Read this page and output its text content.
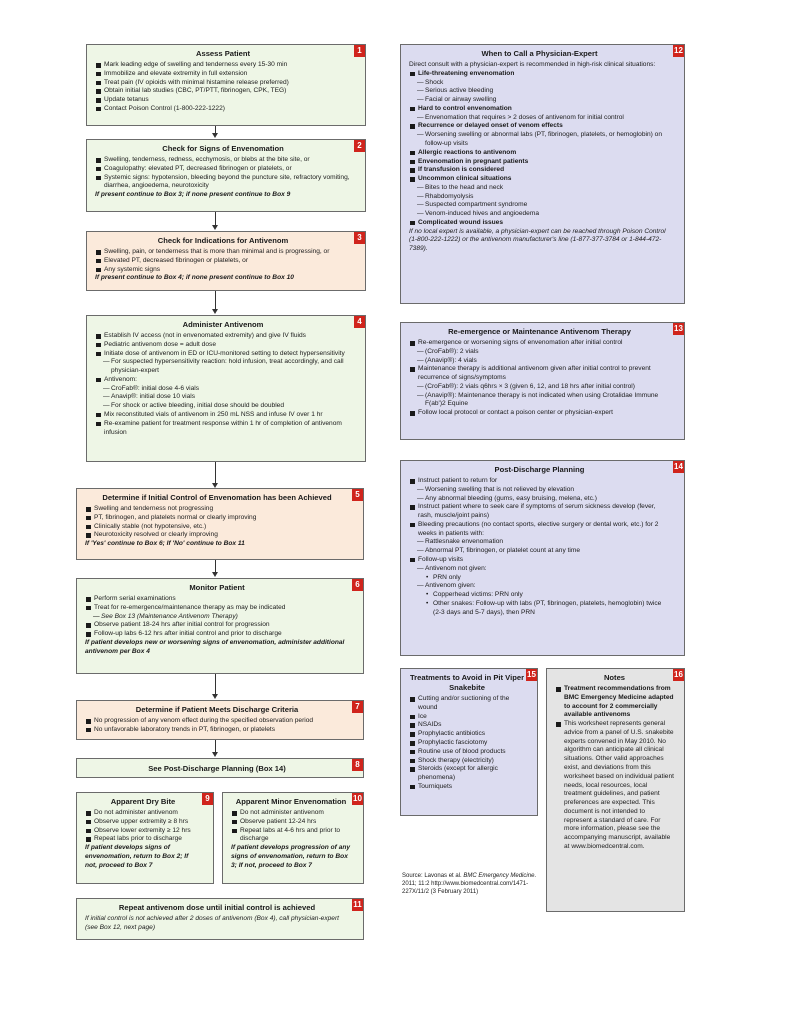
1
Assess Patient
Mark leading edge of swelling and tenderness every 15-30 min
Immobilize and elevate extremity in full extension
Treat pain (IV opioids with minimal histamine release preferred)
Obtain initial lab studies (CBC, PT/PTT, fibrinogen, CPK, TEG)
Update tetanus
Contact Poison Control (1-800-222-1222)
2
Check for Signs of Envenomation
Swelling, tenderness, redness, ecchymosis, or blebs at the bite site, or
Coagulopathy: elevated PT, decreased fibrinogen or platelets, or
Systemic signs: hypotension, bleeding beyond the puncture site, refractory vomiting, diarrhea, angioedema, neurotoxicity
If present continue to Box 3; if none present continue to Box 9
3
Check for Indications for Antivenom
Swelling, pain, or tenderness that is more than minimal and is progressing, or
Elevated PT, decreased fibrinogen or platelets, or
Any systemic signs
If present continue to Box 4; if none present continue to Box 10
4
Administer Antivenom
Establish IV access (not in envenomated extremity) and give IV fluids
Pediatric antivenom dose = adult dose
Initiate dose of antivenom in ED or ICU-monitored setting to detect hypersensitivity
— For suspected hypersensitivity reaction: hold infusion, treat accordingly, and call physician-expert
Antivenom:
— CroFab®: initial dose 4-6 vials
— Anavip®: initial dose 10 vials
— For shock or active bleeding, initial dose should be doubled
Mix reconstituted vials of antivenom in 250 mL NSS and infuse IV over 1 hr
Re-examine patient for treatment response within 1 hr of completion of antivenom infusion
5
Determine if Initial Control of Envenomation has been Achieved
Swelling and tenderness not progressing
PT, fibrinogen, and platelets normal or clearly improving
Clinically stable (not hypotensive, etc.)
Neurotoxicity resolved or clearly improving
If 'Yes' continue to Box 6; If 'No' continue to Box 11
6
Monitor Patient
Perform serial examinations
Treat for re-emergence/maintenance therapy as may be indicated
— See Box 13 (Maintenance Antivenom Therapy)
Observe patient 18-24 hrs after initial control for progression
Follow-up labs 6-12 hrs after initial control and prior to discharge
If patient develops new or worsening signs of envenomation, administer additional antivenom per Box 4
7
Determine if Patient Meets Discharge Criteria
No progression of any venom effect during the specified observation period
No unfavorable laboratory trends in PT, fibrinogen, or platelets
8
See Post-Discharge Planning (Box 14)
9
Apparent Dry Bite
Do not administer antivenom
Observe upper extremity ≥ 8 hrs
Observe lower extremity ≥ 12 hrs
Repeat labs prior to discharge
If patient develops signs of envenomation, return to Box 2; If not, proceed to Box 7
10
Apparent Minor Envenomation
Do not administer antivenom
Observe patient 12-24 hrs
Repeat labs at 4-6 hrs and prior to discharge
If patient develops progression of any signs of envenomation, return to Box 3; If not, proceed to Box 7
11
Repeat antivenom dose until initial control is achieved
If initial control is not achieved after 2 doses of antivenom (Box 4), call physician-expert (see Box 12, next page)
12
When to Call a Physician-Expert
Direct consult with a physician-expert is recommended in high-risk clinical situations:
Life-threatening envenomation
— Shock
— Serious active bleeding
— Facial or airway swelling
Hard to control envenomation
— Envenomation that requires > 2 doses of antivenom for initial control
Recurrence or delayed onset of venom effects
— Worsening swelling or abnormal labs (PT, fibrinogen, platelets, or hemoglobin) on follow-up visits
Allergic reactions to antivenom
Envenomation in pregnant patients
If transfusion is considered
Uncommon clinical situations
— Bites to the head and neck
— Rhabdomyolysis
— Suspected compartment syndrome
— Venom-induced hives and angioedema
Complicated wound issues
If no local expert is available, a physician-expert can be reached through Poison Control (1-800-222-1222) or the antivenom manufacturer's line (1-877-377-3784 or 1-844-472-7389).
13
Re-emergence or Maintenance Antivenom Therapy
Re-emergence or worsening signs of envenomation after initial control
— (CroFab®): 2 vials
— (Anavip®): 4 vials
Maintenance therapy is additional antivenom given after initial control to prevent recurrence of signs/symptoms
— (CroFab®): 2 vials q6hrs × 3 (given 6, 12, and 18 hrs after initial control)
— (Anavip®): Maintenance therapy is not indicated when using Crotalidae Immune F(ab')2 Equine
Follow local protocol or contact a poison center or physician-expert
14
Post-Discharge Planning
Instruct patient to return for
— Worsening swelling that is not relieved by elevation
— Any abnormal bleeding (gums, easy bruising, melena, etc.)
Instruct patient where to seek care if symptoms of serum sickness develop (fever, rash, muscle/joint pains)
Bleeding precautions (no contact sports, elective surgery or dental work, etc.) for 2 weeks in patients with:
— Rattlesnake envenomation
— Abnormal PT, fibrinogen, or platelet count at any time
Follow-up visits
— Antivenom not given:
• PRN only
— Antivenom given:
• Copperhead victims: PRN only
• Other snakes: Follow-up with labs (PT, fibrinogen, platelets, hemoglobin) twice (2-3 days and 5-7 days), then PRN
15
Treatments to Avoid in Pit Viper Snakebite
Cutting and/or suctioning of the wound
Ice
NSAIDs
Prophylactic antibiotics
Prophylactic fasciotomy
Routine use of blood products
Shock therapy (electricity)
Steroids (except for allergic phenomena)
Tourniquets
Source: Lavonas et al. BMC Emergency Medicine. 2011; 11:2 http://www.biomedcentral.com/1471-227X/11/2 (3 February 2011)
16
Notes
Treatment recommendations from BMC Emergency Medicine adapted to account for 2 commercially available antivenoms
This worksheet represents general advice from a panel of U.S. snakebite experts convened in May 2010. No algorithm can anticipate all clinical situations. Other valid approaches exist, and deviations from this worksheet based on individual patient needs, local resources, local treatment guidelines, and patient preferences are expected. This document is not intended to represent a standard of care. For more information, please see the accompanying manuscript, available at www.biomedcentral.com.
